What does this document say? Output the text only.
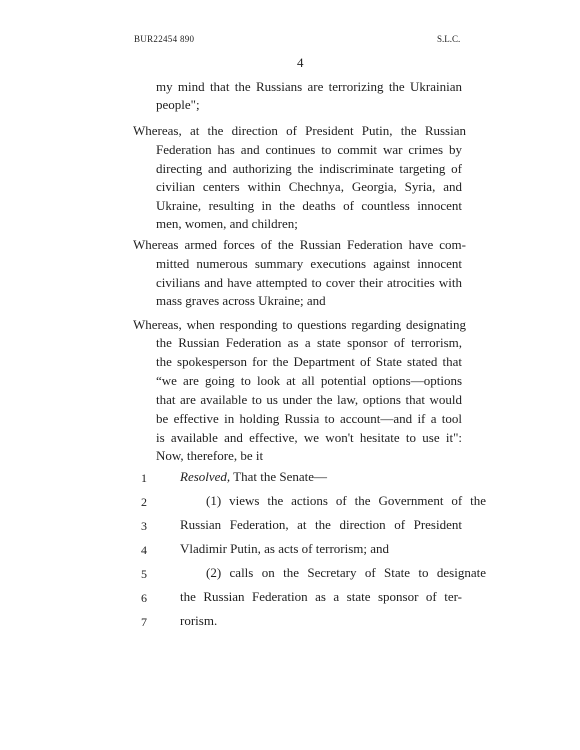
BUR22454 890	S.L.C.
4
my mind that the Russians are terrorizing the Ukrainian
people";
Whereas, at the direction of President Putin, the Russian
Federation has and continues to commit war crimes by
directing and authorizing the indiscriminate targeting of
civilian centers within Chechnya, Georgia, Syria, and
Ukraine, resulting in the deaths of countless innocent
men, women, and children;
Whereas armed forces of the Russian Federation have com-
mitted numerous summary executions against innocent
civilians and have attempted to cover their atrocities with
mass graves across Ukraine; and
Whereas, when responding to questions regarding designating
the Russian Federation as a state sponsor of terrorism,
the spokesperson for the Department of State stated that
“we are going to look at all potential options—options
that are available to us under the law, options that would
be effective in holding Russia to account—and if a tool
is available and effective, we won't hesitate to use it":
Now, therefore, be it
1	Resolved, That the Senate—
2	(1) views the actions of the Government of the
3	Russian Federation, at the direction of President
4	Vladimir Putin, as acts of terrorism; and
5	(2) calls on the Secretary of State to designate
6	the Russian Federation as a state sponsor of ter-
7	rorism.
